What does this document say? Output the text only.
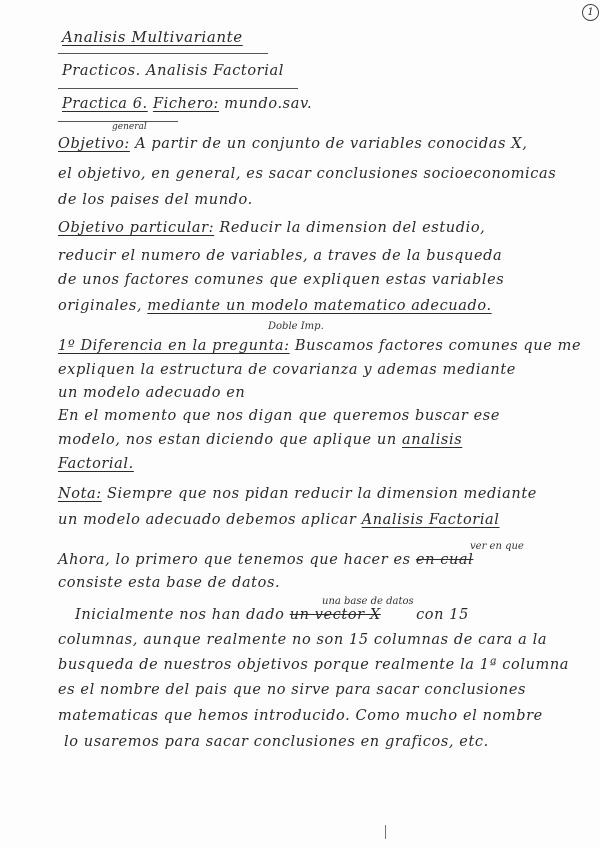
1
Analisis Multivariante
Practicos. Analisis Factorial
Practica 6. Fichero: mundo.sav.
general
Objetivo: A partir de un conjunto de variables conocidas X,
el objetivo, en general, es sacar conclusiones socioeconomicas
de los paises del mundo.
Objetivo particular: Reducir la dimension del estudio,
reducir el numero de variables, a traves de la busqueda
de unos factores comunes que expliquen estas variables
originales, mediante un modelo matematico adecuado.
Doble Imp.
1º Diferencia en la pregunta: Buscamos factores comunes que me
expliquen la estructura de covarianza y ademas mediante
un modelo adecuado en
En el momento que nos digan que queremos buscar ese
modelo, nos estan diciendo que aplique un analisis
Factorial.
Nota: Siempre que nos pidan reducir la dimension mediante
un modelo adecuado debemos aplicar Analisis Factorial
ver en que
Ahora, lo primero que tenemos que hacer es en cual
consiste esta base de datos.
una base de datos
Inicialmente nos han dado un vector X con 15
columnas, aunque realmente no son 15 columnas de cara a la
busqueda de nuestros objetivos porque realmente la 1ª columna
es el nombre del pais que no sirve para sacar conclusiones
matematicas que hemos introducido. Como mucho el nombre
lo usaremos para sacar conclusiones en graficos, etc.
